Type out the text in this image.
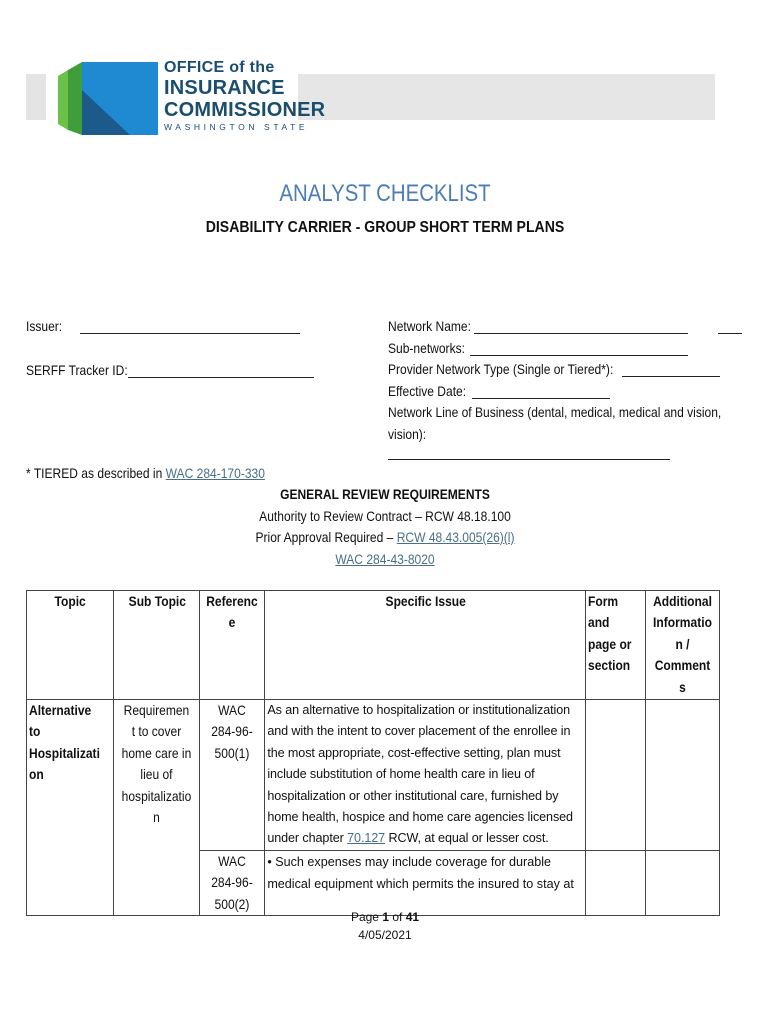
OFFICE of the
INSURANCE
COMMISSIONER
WASHINGTON STATE
ANALYST CHECKLIST
DISABILITY CARRIER - GROUP SHORT TERM PLANS
Issuer:
SERFF Tracker ID:
Network Name:
Sub-networks:
Provider Network Type (Single or Tiered*):
Effective Date:
Network Line of Business (dental, medical, medical and vision,
vision):
* TIERED as described in WAC 284-170-330
GENERAL REVIEW REQUIREMENTS
Authority to Review Contract – RCW 48.18.100
Prior Approval Required – RCW 48.43.005(26)(l)
WAC 284-43-8020
Topic	Sub Topic	Referenc e	Specific Issue	Form and page or section	Additional Informatio n / Comment s
Alternative to Hospitalizati on	Requiremen t to cover home care in lieu of hospitalizatio n	WAC 284-96-500(1)	As an alternative to hospitalization or institutionalization and with the intent to cover placement of the enrollee in the most appropriate, cost-effective setting, plan must include substitution of home health care in lieu of hospitalization or other institutional care, furnished by home health, hospice and home care agencies licensed under chapter 70.127 RCW, at equal or lesser cost.		
		WAC 284-96-500(2)	• Such expenses may include coverage for durable medical equipment which permits the insured to stay at		
Page 1 of 41
4/05/2021
